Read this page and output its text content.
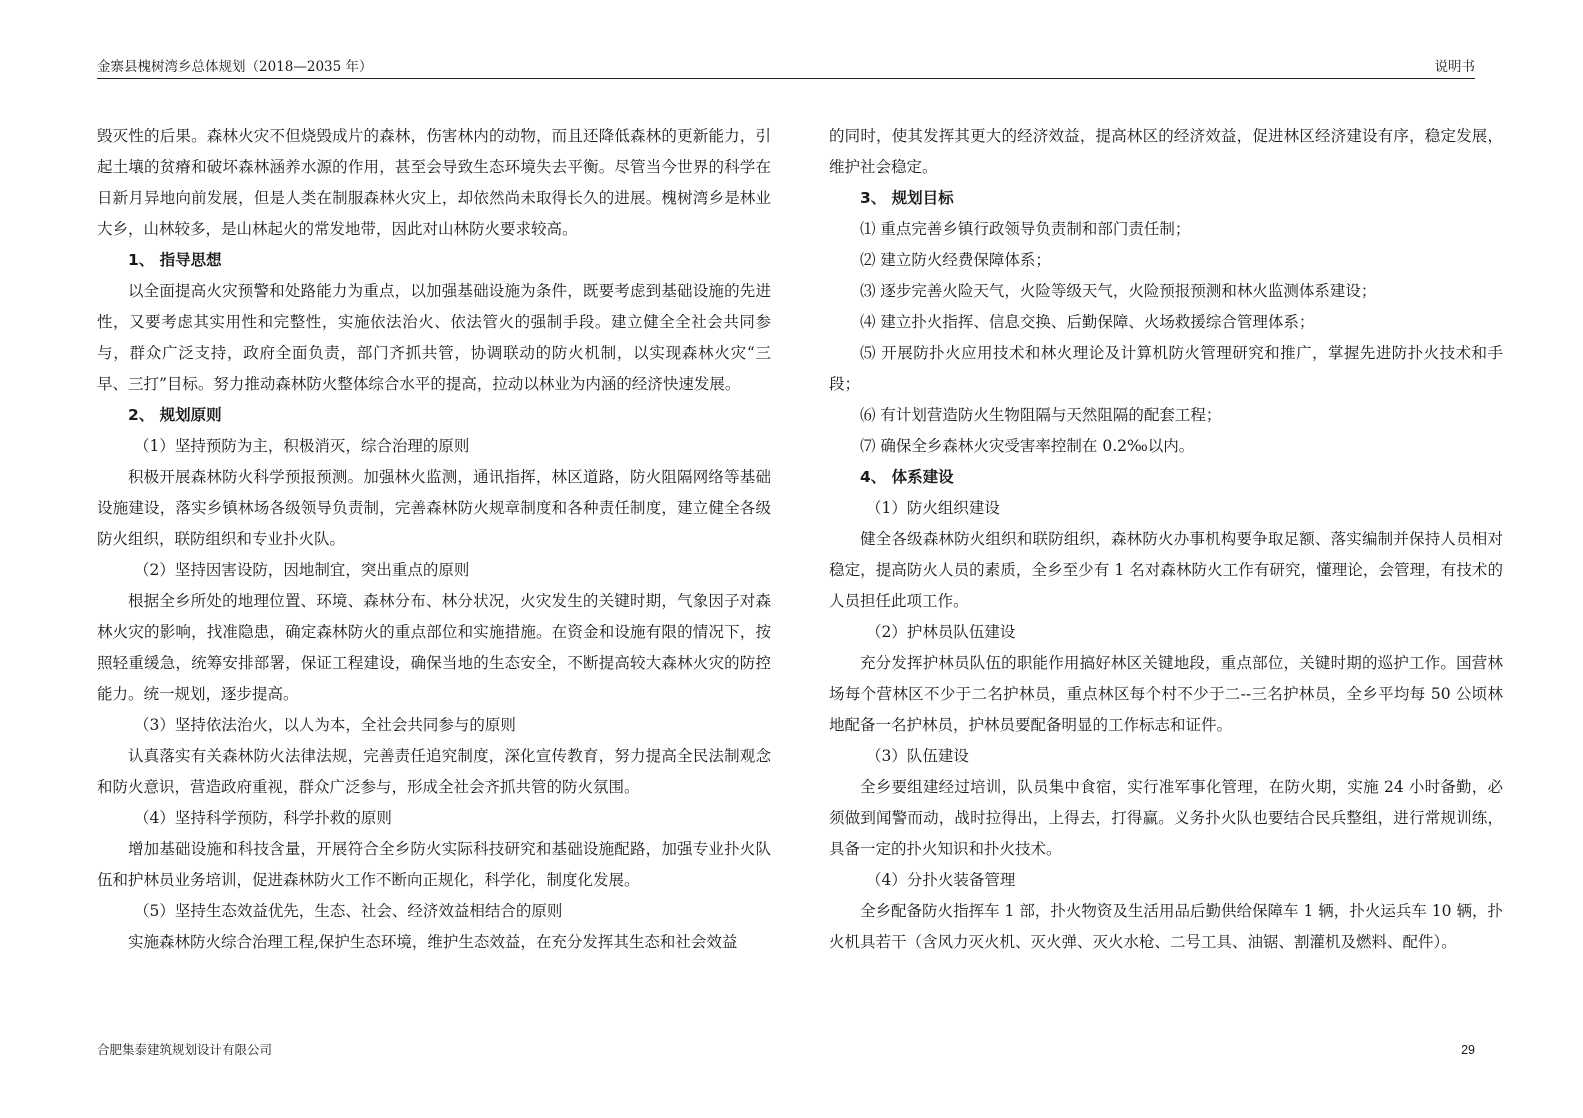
金寨县槐树湾乡总体规划（2018—2035 年）	说明书

毁灭性的后果。森林火灾不但烧毁成片的森林，伤害林内的动物，而且还降低森林的更新能力，引起土壤的贫瘠和破坏森林涵养水源的作用，甚至会导致生态环境失去平衡。尽管当今世界的科学在日新月异地向前发展，但是人类在制服森林火灾上，却依然尚未取得长久的进展。槐树湾乡是林业大乡，山林较多，是山林起火的常发地带，因此对山林防火要求较高。

1、 指导思想

以全面提高火灾预警和处路能力为重点，以加强基础设施为条件，既要考虑到基础设施的先进性，又要考虑其实用性和完整性，实施依法治火、依法管火的强制手段。建立健全全社会共同参与，群众广泛支持，政府全面负责，部门齐抓共管，协调联动的防火机制，以实现森林火灾“三早、三打”目标。努力推动森林防火整体综合水平的提高，拉动以林业为内涵的经济快速发展。

2、 规划原则

（1）坚持预防为主，积极消灭，综合治理的原则

积极开展森林防火科学预报预测。加强林火监测，通讯指挥，林区道路，防火阻隔网络等基础设施建设，落实乡镇林场各级领导负责制，完善森林防火规章制度和各种责任制度，建立健全各级防火组织，联防组织和专业扑火队。

（2）坚持因害设防，因地制宜，突出重点的原则

根据全乡所处的地理位置、环境、森林分布、林分状况，火灾发生的关键时期，气象因子对森林火灾的影响，找准隐患，确定森林防火的重点部位和实施措施。在资金和设施有限的情况下，按照轻重缓急，统筹安排部署，保证工程建设，确保当地的生态安全，不断提高较大森林火灾的防控能力。统一规划，逐步提高。

（3）坚持依法治火，以人为本，全社会共同参与的原则

认真落实有关森林防火法律法规，完善责任追究制度，深化宣传教育，努力提高全民法制观念和防火意识，营造政府重视，群众广泛参与，形成全社会齐抓共管的防火氛围。

（4）坚持科学预防，科学扑救的原则

增加基础设施和科技含量，开展符合全乡防火实际科技研究和基础设施配路，加强专业扑火队伍和护林员业务培训，促进森林防火工作不断向正规化，科学化，制度化发展。

（5）坚持生态效益优先，生态、社会、经济效益相结合的原则

实施森林防火综合治理工程,保护生态环境，维护生态效益，在充分发挥其生态和社会效益

的同时，使其发挥其更大的经济效益，提高林区的经济效益，促进林区经济建设有序，稳定发展，维护社会稳定。

3、 规划目标

⑴ 重点完善乡镇行政领导负责制和部门责任制；

⑵ 建立防火经费保障体系；

⑶ 逐步完善火险天气，火险等级天气，火险预报预测和林火监测体系建设；

⑷ 建立扑火指挥、信息交换、后勤保障、火场救援综合管理体系；

⑸ 开展防扑火应用技术和林火理论及计算机防火管理研究和推广，掌握先进防扑火技术和手段；

⑹ 有计划营造防火生物阻隔与天然阻隔的配套工程；

⑺ 确保全乡森林火灾受害率控制在 0.2‰以内。

4、 体系建设

（1）防火组织建设

健全各级森林防火组织和联防组织，森林防火办事机构要争取足额、落实编制并保持人员相对稳定，提高防火人员的素质，全乡至少有 1 名对森林防火工作有研究，懂理论，会管理，有技术的人员担任此项工作。

（2）护林员队伍建设

充分发挥护林员队伍的职能作用搞好林区关键地段，重点部位，关键时期的巡护工作。国营林场每个营林区不少于二名护林员，重点林区每个村不少于二--三名护林员，全乡平均每 50 公顷林地配备一名护林员，护林员要配备明显的工作标志和证件。

（3）队伍建设

全乡要组建经过培训，队员集中食宿，实行准军事化管理，在防火期，实施 24 小时备勤，必须做到闻警而动，战时拉得出，上得去，打得赢。义务扑火队也要结合民兵整组，进行常规训练，具备一定的扑火知识和扑火技术。

（4）分扑火装备管理

全乡配备防火指挥车 1 部，扑火物资及生活用品后勤供给保障车 1 辆，扑火运兵车 10 辆，扑火机具若干（含风力灭火机、灭火弹、灭火水枪、二号工具、油锯、割灌机及燃料、配件）。

合肥集泰建筑规划设计有限公司	29
